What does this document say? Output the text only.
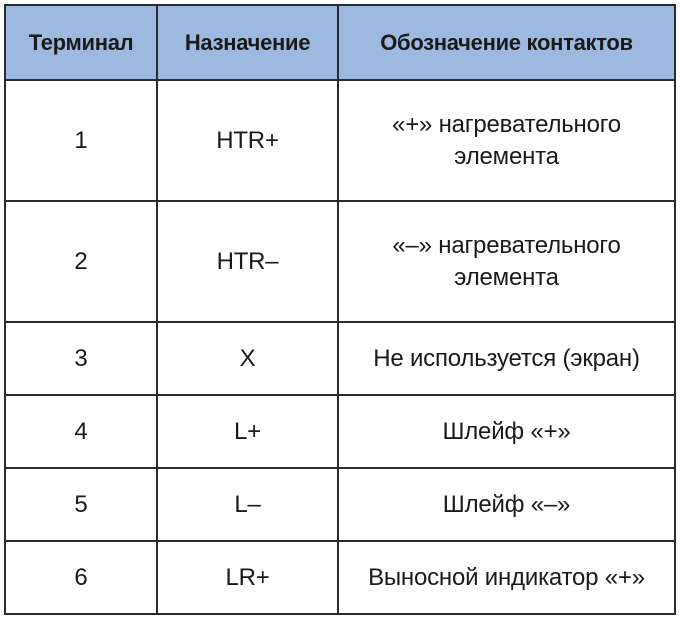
Терминал	Назначение	Обозначение контактов
1	HTR+	«+» нагревательного элемента
2	HTR–	«–» нагревательного элемента
3	X	Не используется (экран)
4	L+	Шлейф «+»
5	L–	Шлейф «–»
6	LR+	Выносной индикатор «+»
